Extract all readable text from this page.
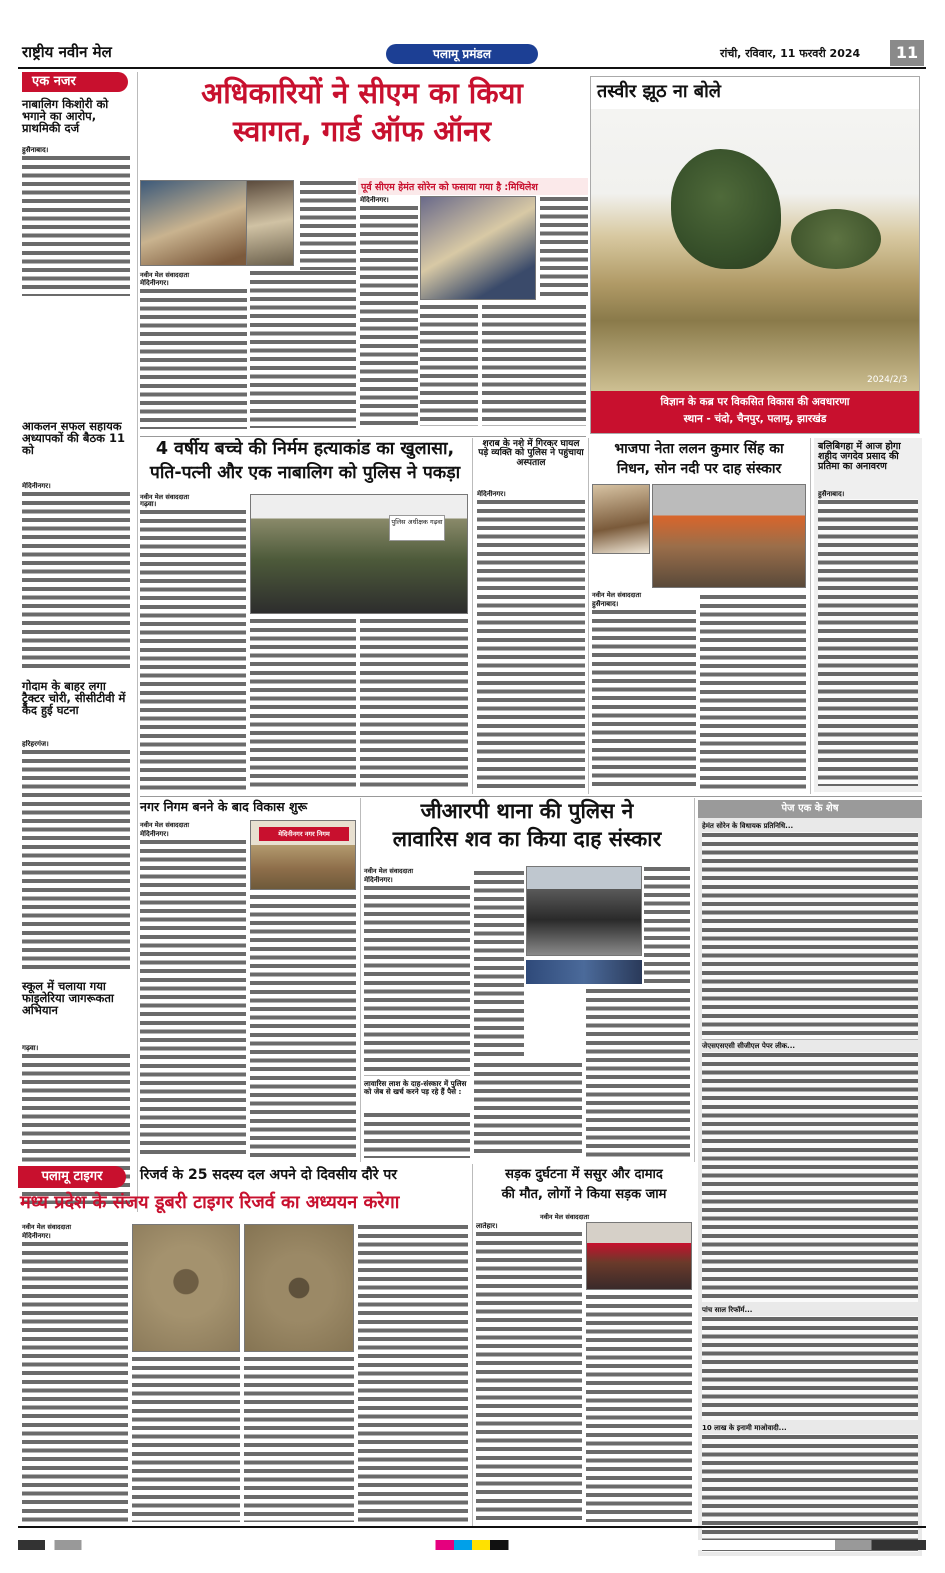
राष्ट्रीय नवीन मेल	पलामू प्रमंडल	रांची, रविवार, 11 फरवरी 2024	11
एक नजर
नाबालिग किशोरी को भगाने का आरोप, प्राथमिकी दर्ज
हुसैनाबाद।
आकलन सफल सहायक अध्यापकों की बैठक 11 को
मेदिनीनगर।
गोदाम के बाहर लगा ट्रैक्टर चोरी, सीसीटीवी में कैद हुई घटना
हरिहरगंज।
स्कूल में चलाया गया फाइलेरिया जागरूकता अभियान
गढ़वा।
अधिकारियों ने सीएम का किया
स्वागत, गार्ड ऑफ ऑनर
नवीन मेल संवाददाता
मेदिनीनगर।
पूर्व सीएम हेमंत सोरेन को फसाया गया है :मिथिलेश
मेदिनीनगर।
तस्वीर झूठ ना बोले
2024/2/3
विज्ञान के कब्र पर विकसित विकास की अवधारणा
स्थान - चंदो, चैनपुर, पलामू, झारखंड
4 वर्षीय बच्चे की निर्मम हत्याकांड का खुलासा,
पति-पत्नी और एक नाबालिग को पुलिस ने पकड़ा
नवीन मेल संवाददाता
गढ़वा।
पुलिस अधीक्षक गढ़वा
शराब के नशे में गिरकर घायल पड़े व्यक्ति को पुलिस ने पहुंचाया अस्पताल
मेदिनीनगर।
भाजपा नेता ललन कुमार सिंह का
निधन, सोन नदी पर दाह संस्कार
नवीन मेल संवाददाता
हुसैनाबाद।
बलिबिगहा में आज होगा शहीद जगदेव प्रसाद की प्रतिमा का अनावरण
हुसैनाबाद।
नगर निगम बनने के बाद विकास शुरू
नवीन मेल संवाददाता
मेदिनीनगर।	मेदिनीनगर नगर निगम
जीआरपी थाना की पुलिस ने
लावारिस शव का किया दाह संस्कार
नवीन मेल संवाददाता
मेदिनीनगर।
लावारिस लाश के दाह-संस्कार में पुलिस को जेब से खर्च करने पड़ रहे हैं पैसे :
पेज एक के शेष
हेमंत सोरेन के विधायक प्रतिनिधि...
जेएसएसएसी सीजीएल पेपर लीक...
पांच साल रिफॉर्म...
10 लाख के इनामी माओवादी...
पलामू टाइगर	रिजर्व के 25 सदस्य दल अपने दो दिवसीय दौरे पर
मध्य प्रदेश के संजय डूबरी टाइगर रिजर्व का अध्ययन करेगा
नवीन मेल संवाददाता
मेदिनीनगर।
सड़क दुर्घटना में ससुर और दामाद
की मौत, लोगों ने किया सड़क जाम
नवीन मेल संवाददाता
लातेहार।
